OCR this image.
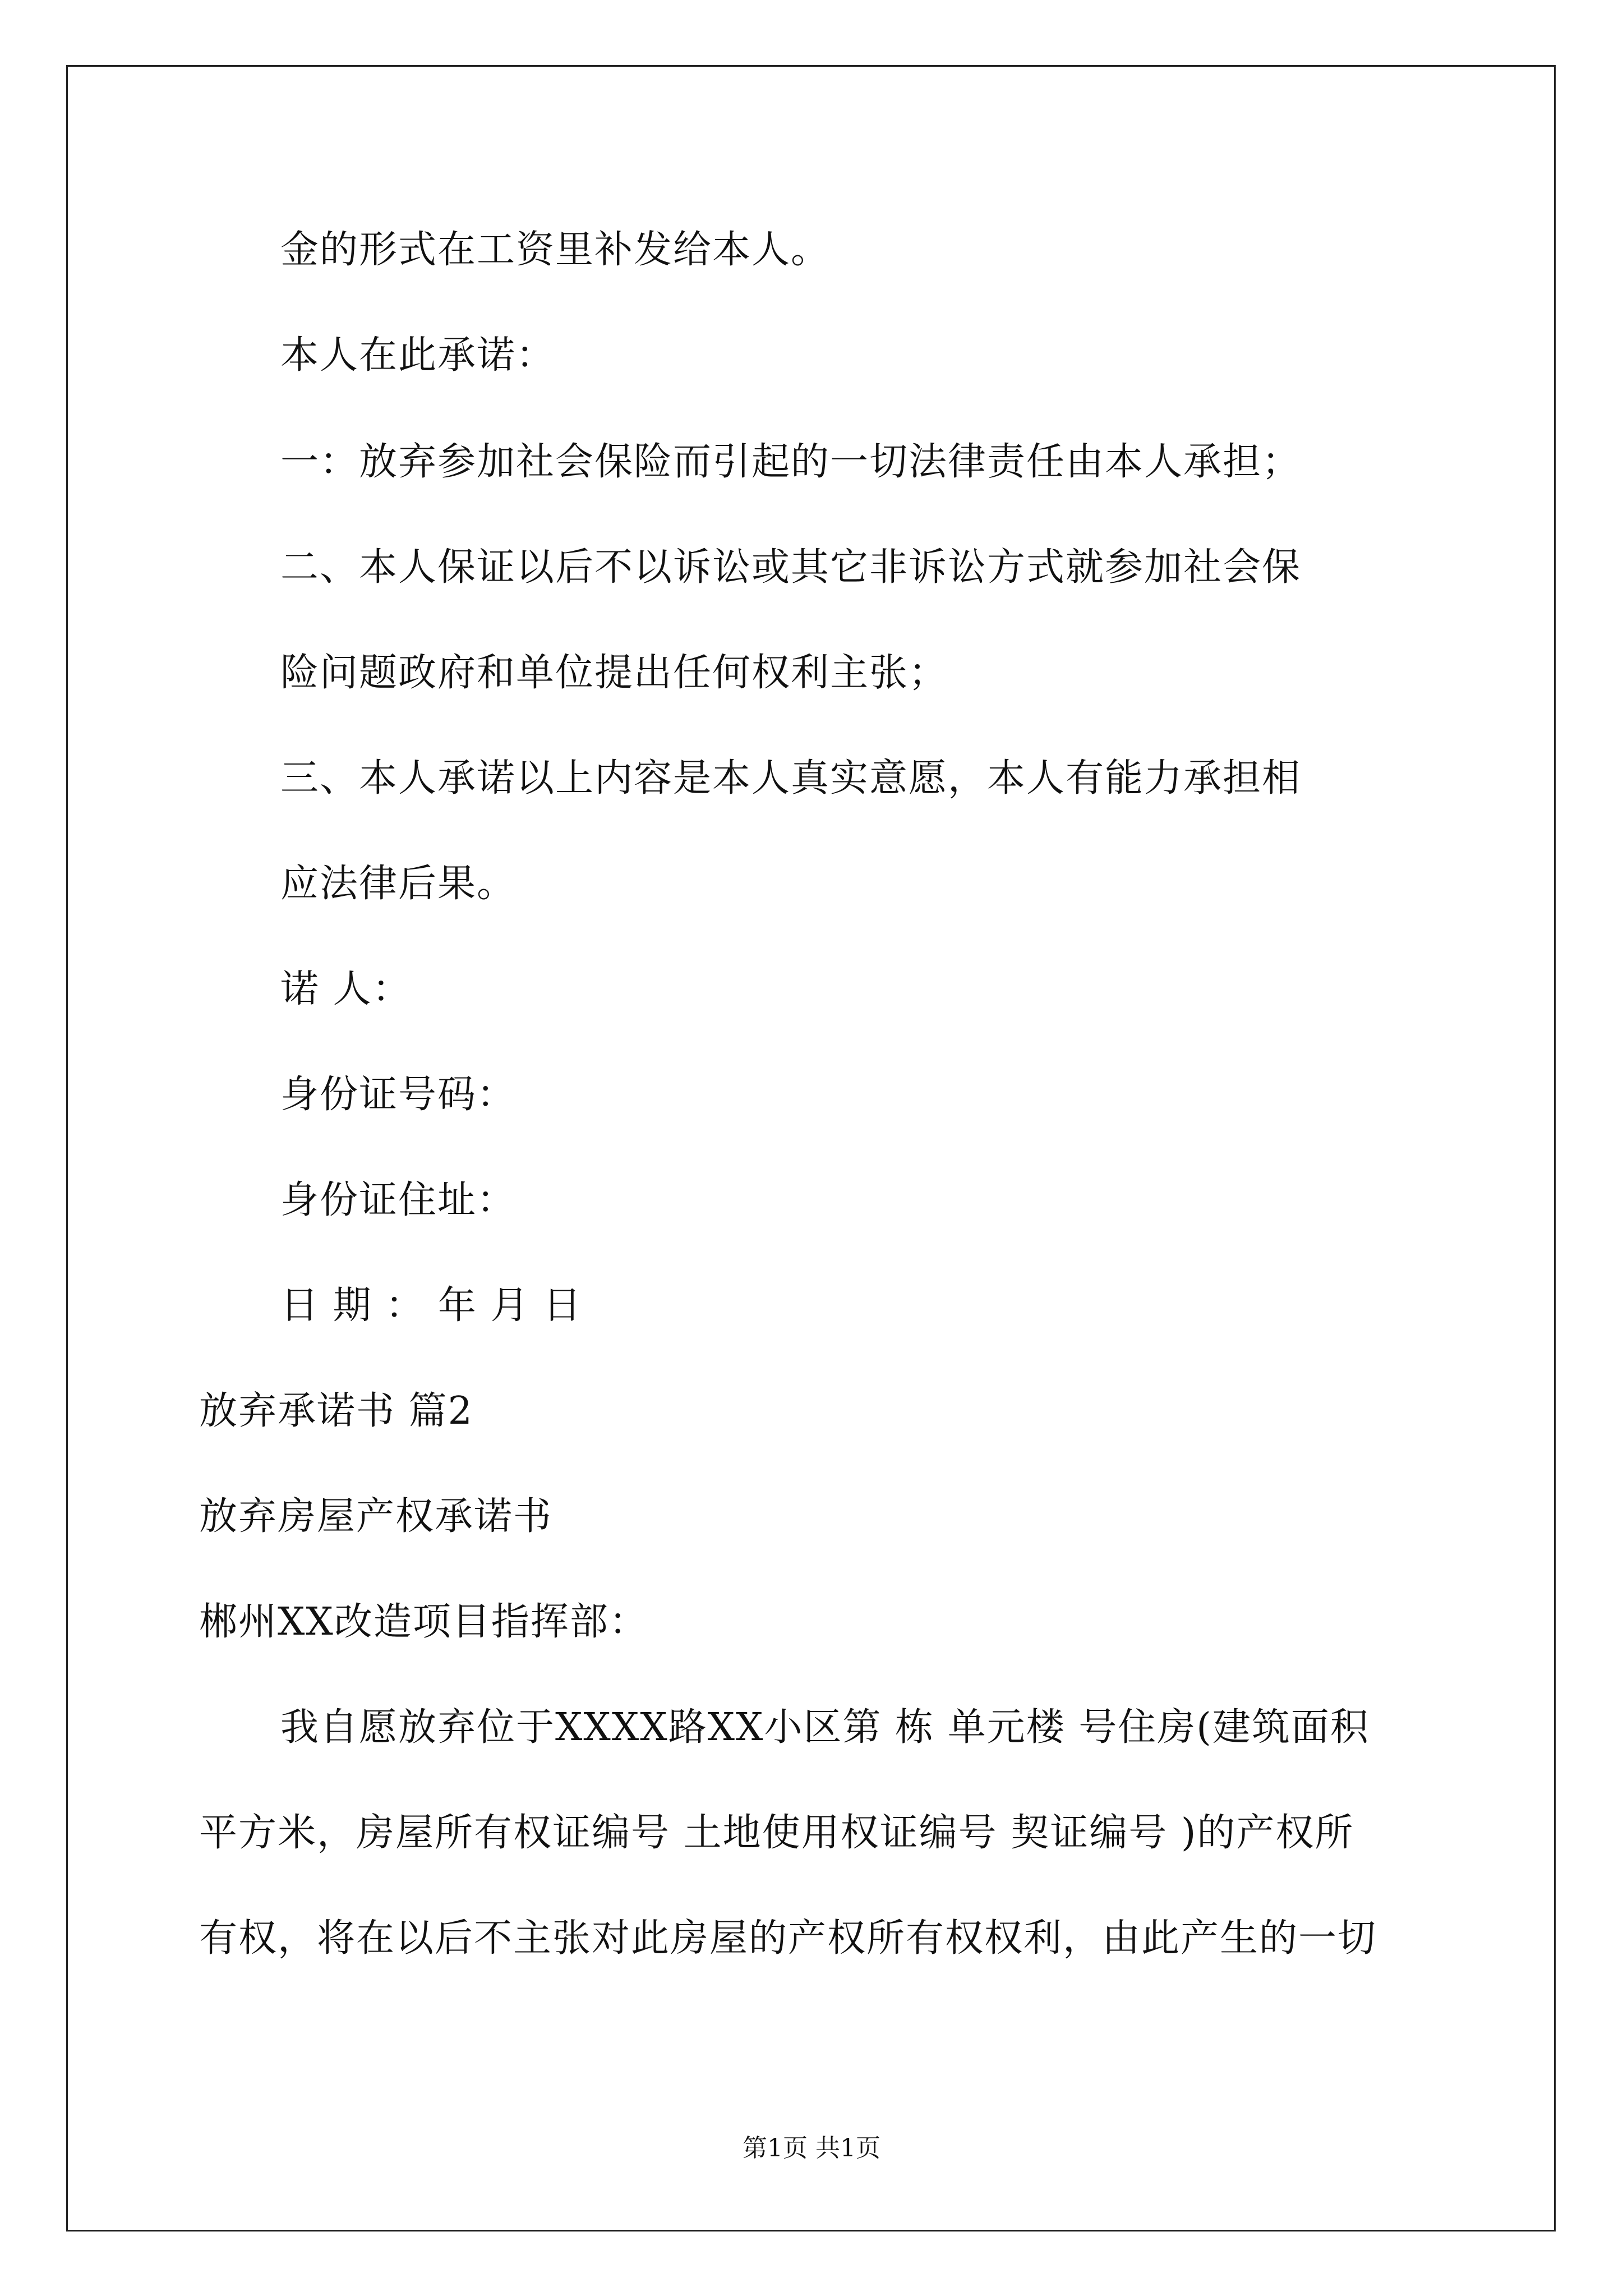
金的形式在工资里补发给本人。
本人在此承诺：
一：放弃参加社会保险而引起的一切法律责任由本人承担；
二、本人保证以后不以诉讼或其它非诉讼方式就参加社会保
险问题政府和单位提出任何权利主张；
三、本人承诺以上内容是本人真实意愿，本人有能力承担相
应法律后果。
诺 人：
身份证号码：
身份证住址：
日 期 ： 年 月 日
放弃承诺书 篇2
放弃房屋产权承诺书
郴州XX改造项目指挥部：
我自愿放弃位于XXXX路XX小区第 栋 单元楼 号住房(建筑面积
平方米，房屋所有权证编号 土地使用权证编号 契证编号 )的产权所
有权，将在以后不主张对此房屋的产权所有权权利，由此产生的一切
第1页 共1页
